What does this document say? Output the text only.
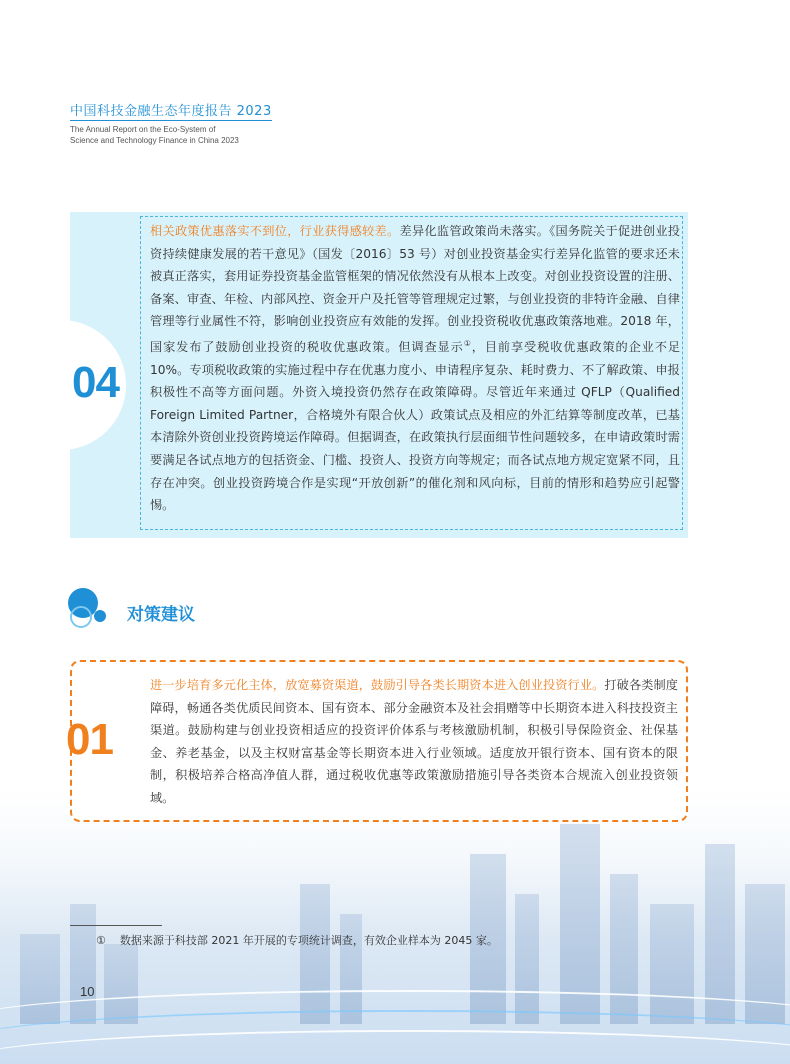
中国科技金融生态年度报告 2023
The Annual Report on the Eco-System of
Science and Technology Finance in China 2023
04
相关政策优惠落实不到位，行业获得感较差。差异化监管政策尚未落实。《国务院关于促进创业投资持续健康发展的若干意见》（国发〔2016〕53 号）对创业投资基金实行差异化监管的要求还未被真正落实，套用证券投资基金监管框架的情况依然没有从根本上改变。对创业投资设置的注册、备案、审查、年检、内部风控、资金开户及托管等管理规定过繁，与创业投资的非特许金融、自律管理等行业属性不符，影响创业投资应有效能的发挥。创业投资税收优惠政策落地难。2018 年，国家发布了鼓励创业投资的税收优惠政策。但调查显示①，目前享受税收优惠政策的企业不足 10%。专项税收政策的实施过程中存在优惠力度小、申请程序复杂、耗时费力、不了解政策、申报积极性不高等方面问题。外资入境投资仍然存在政策障碍。尽管近年来通过 QFLP（Qualified Foreign Limited Partner，合格境外有限合伙人）政策试点及相应的外汇结算等制度改革，已基本清除外资创业投资跨境运作障碍。但据调查，在政策执行层面细节性问题较多，在申请政策时需要满足各试点地方的包括资金、门槛、投资人、投资方向等规定；而各试点地方规定宽紧不同，且存在冲突。创业投资跨境合作是实现“开放创新”的催化剂和风向标，目前的情形和趋势应引起警惕。
对策建议
01
进一步培育多元化主体，放宽募资渠道，鼓励引导各类长期资本进入创业投资行业。打破各类制度障碍，畅通各类优质民间资本、国有资本、部分金融资本及社会捐赠等中长期资本进入科技投资主渠道。鼓励构建与创业投资相适应的投资评价体系与考核激励机制，积极引导保险资金、社保基金、养老基金，以及主权财富基金等长期资本进入行业领域。适度放开银行资本、国有资本的限制，积极培养合格高净值人群，通过税收优惠等政策激励措施引导各类资本合规流入创业投资领域。
① 数据来源于科技部 2021 年开展的专项统计调查，有效企业样本为 2045 家。
10
